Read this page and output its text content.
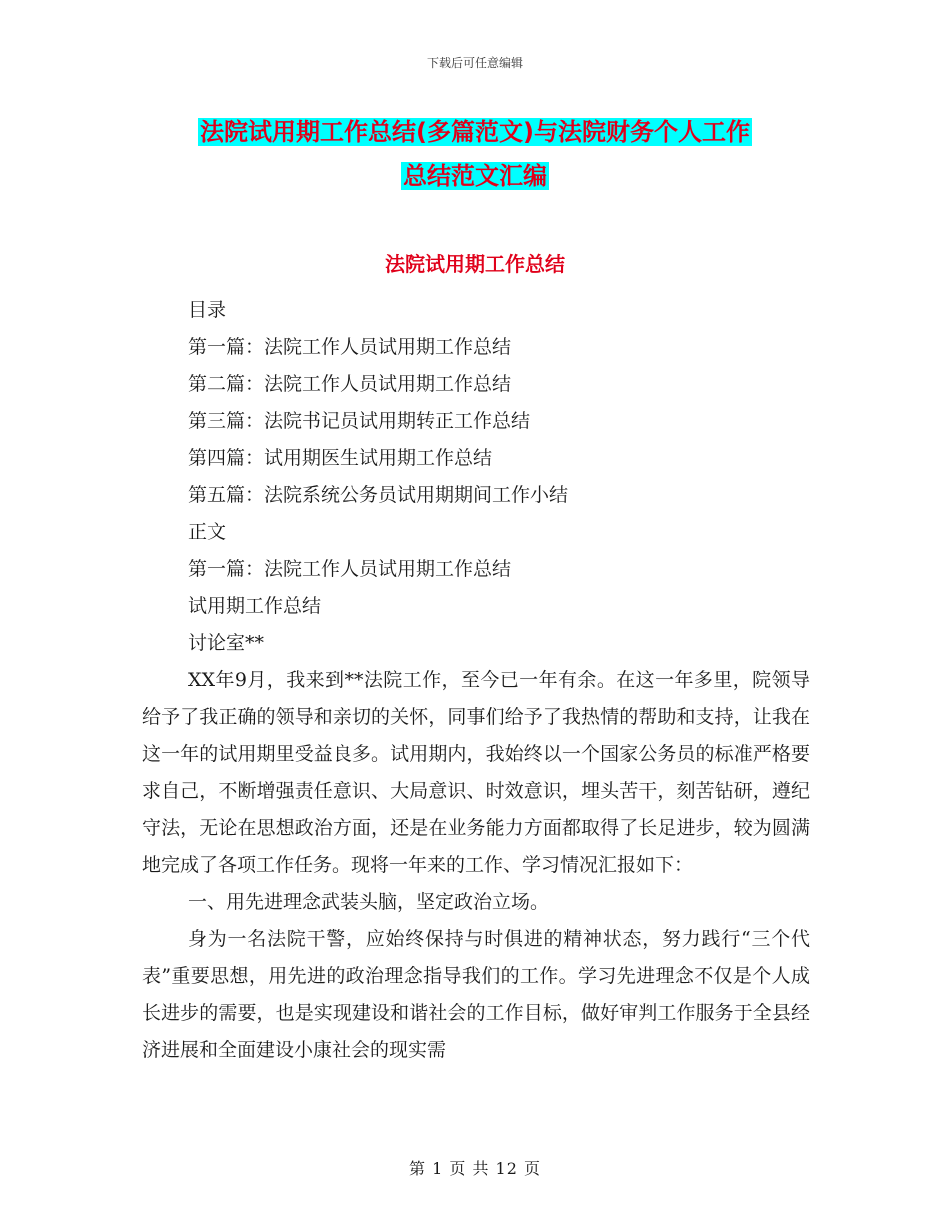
下载后可任意编辑
法院试用期工作总结(多篇范文)与法院财务个人工作
总结范文汇编
法院试用期工作总结
目录
第一篇：法院工作人员试用期工作总结
第二篇：法院工作人员试用期工作总结
第三篇：法院书记员试用期转正工作总结
第四篇：试用期医生试用期工作总结
第五篇：法院系统公务员试用期期间工作小结
正文
第一篇：法院工作人员试用期工作总结
试用期工作总结
讨论室**

XX年9月，我来到**法院工作，至今已一年有余。在这一年多里，院领导给予了我正确的领导和亲切的关怀，同事们给予了我热情的帮助和支持，让我在这一年的试用期里受益良多。试用期内，我始终以一个国家公务员的标准严格要求自己，不断增强责任意识、大局意识、时效意识，埋头苦干，刻苦钻研，遵纪守法，无论在思想政治方面，还是在业务能力方面都取得了长足进步，较为圆满地完成了各项工作任务。现将一年来的工作、学习情况汇报如下：

一、用先进理念武装头脑，坚定政治立场。

身为一名法院干警，应始终保持与时俱进的精神状态，努力践行“三个代表”重要思想，用先进的政治理念指导我们的工作。学习先进理念不仅是个人成长进步的需要，也是实现建设和谐社会的工作目标，做好审判工作服务于全县经济进展和全面建设小康社会的现实需

第 1 页 共 12 页
